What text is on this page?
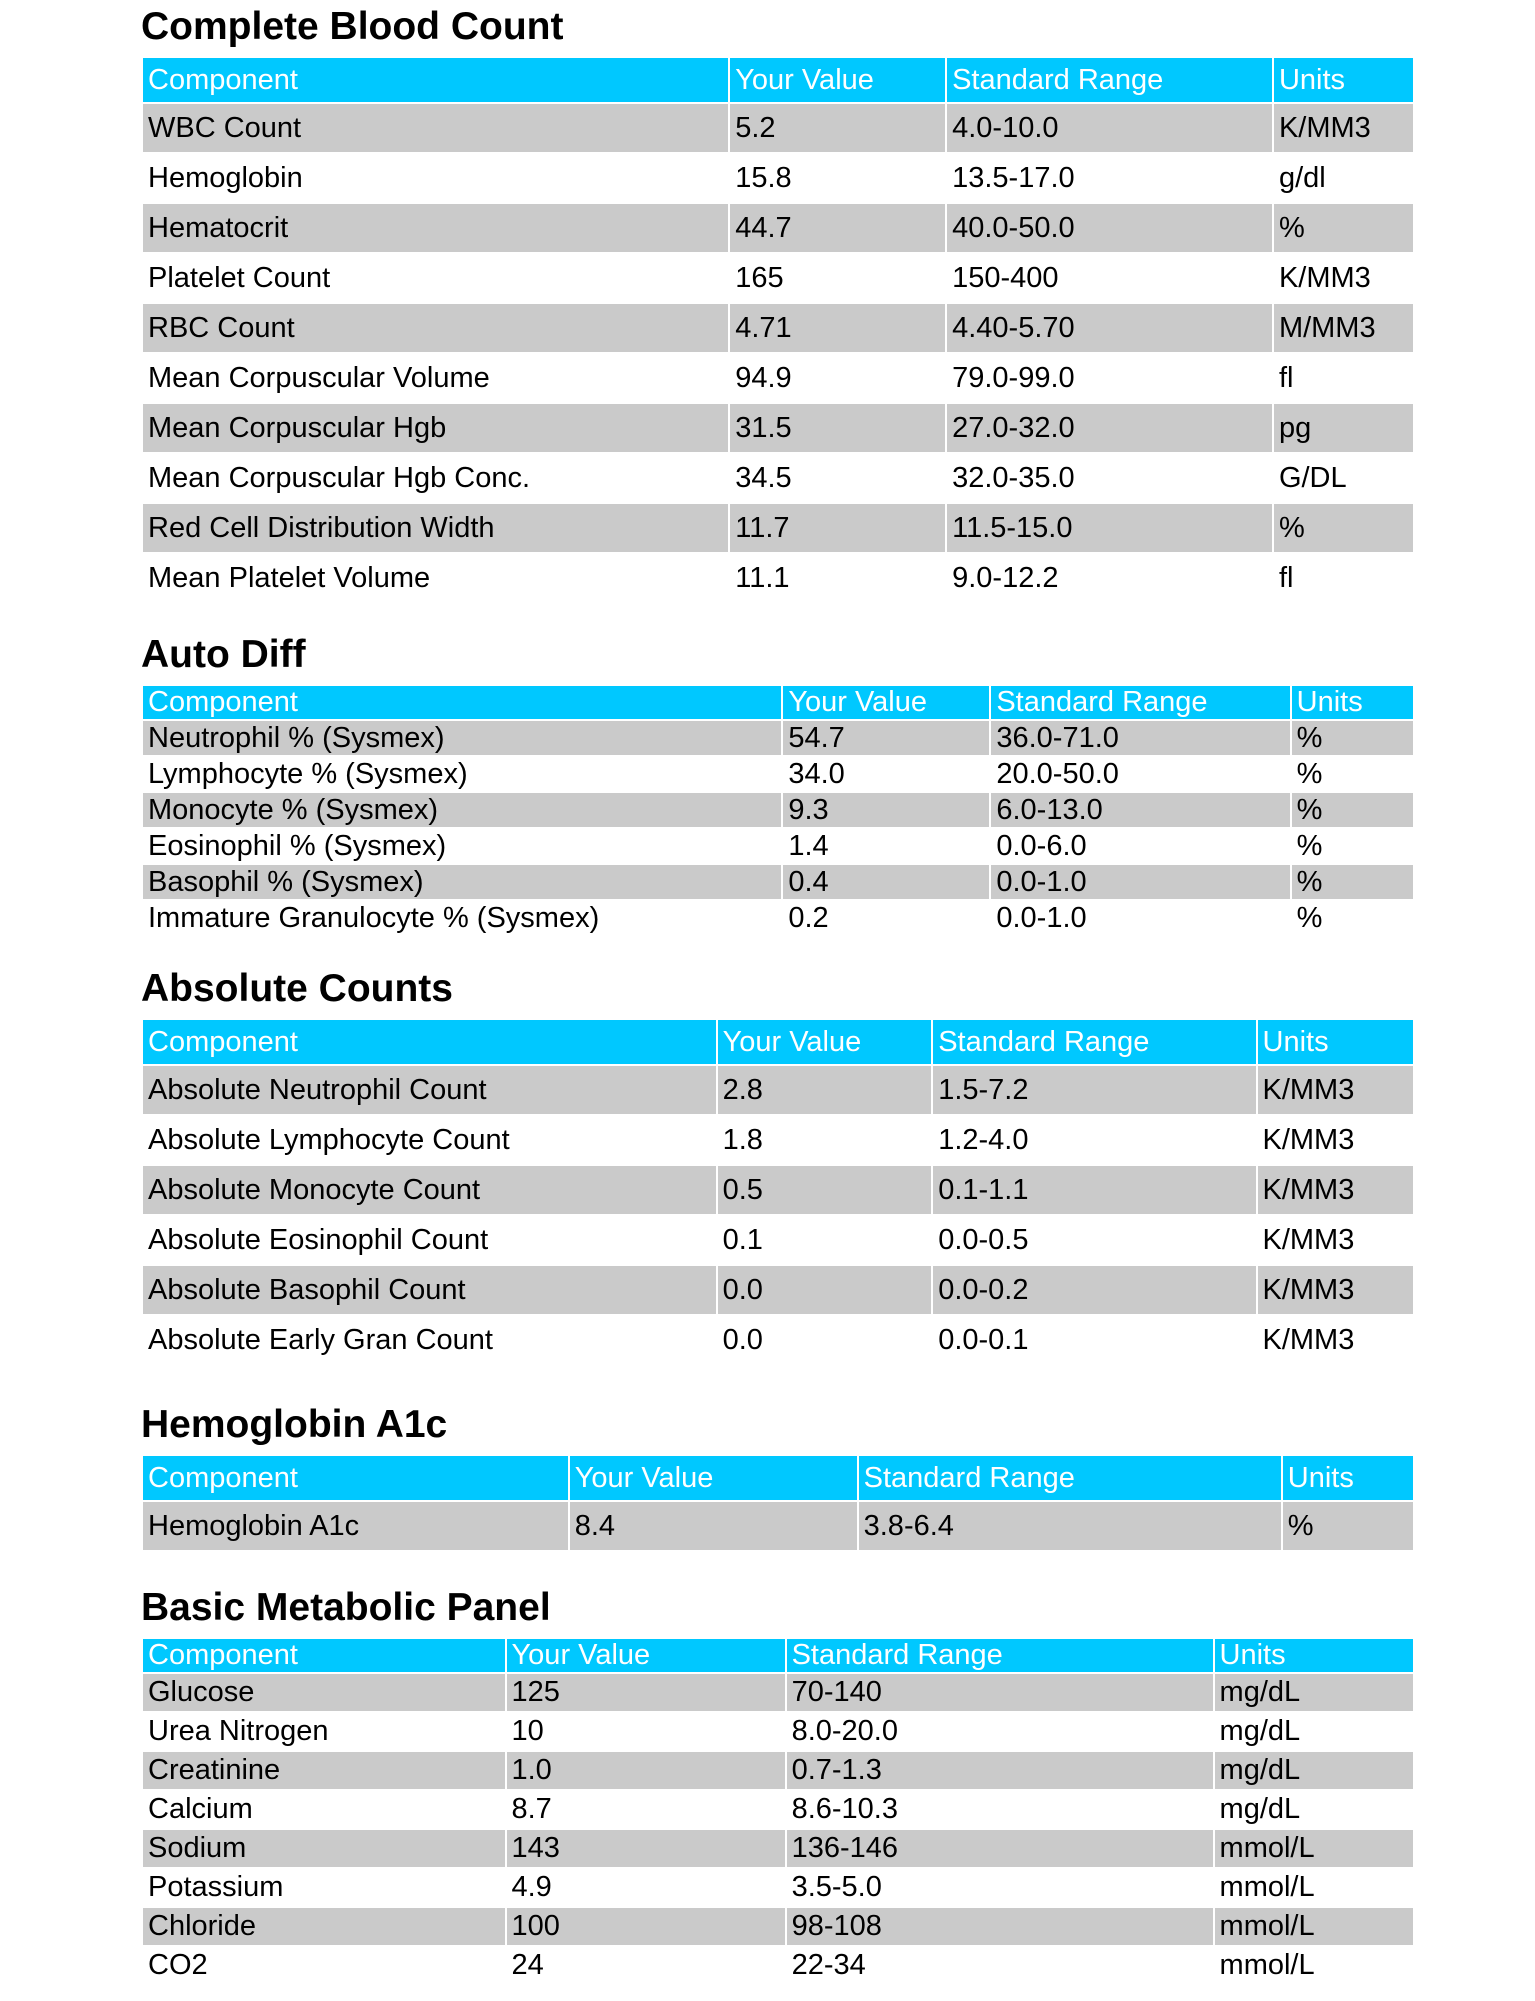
Complete Blood Count
Component	Your Value	Standard Range	Units
WBC Count	5.2	4.0-10.0	K/MM3
Hemoglobin	15.8	13.5-17.0	g/dl
Hematocrit	44.7	40.0-50.0	%
Platelet Count	165	150-400	K/MM3
RBC Count	4.71	4.40-5.70	M/MM3
Mean Corpuscular Volume	94.9	79.0-99.0	fl
Mean Corpuscular Hgb	31.5	27.0-32.0	pg
Mean Corpuscular Hgb Conc.	34.5	32.0-35.0	G/DL
Red Cell Distribution Width	11.7	11.5-15.0	%
Mean Platelet Volume	11.1	9.0-12.2	fl
Auto Diff
Component	Your Value	Standard Range	Units
Neutrophil % (Sysmex)	54.7	36.0-71.0	%
Lymphocyte % (Sysmex)	34.0	20.0-50.0	%
Monocyte % (Sysmex)	9.3	6.0-13.0	%
Eosinophil % (Sysmex)	1.4	0.0-6.0	%
Basophil % (Sysmex)	0.4	0.0-1.0	%
Immature Granulocyte % (Sysmex)	0.2	0.0-1.0	%
Absolute Counts
Component	Your Value	Standard Range	Units
Absolute Neutrophil Count	2.8	1.5-7.2	K/MM3
Absolute Lymphocyte Count	1.8	1.2-4.0	K/MM3
Absolute Monocyte Count	0.5	0.1-1.1	K/MM3
Absolute Eosinophil Count	0.1	0.0-0.5	K/MM3
Absolute Basophil Count	0.0	0.0-0.2	K/MM3
Absolute Early Gran Count	0.0	0.0-0.1	K/MM3
Hemoglobin A1c
Component	Your Value	Standard Range	Units
Hemoglobin A1c	8.4	3.8-6.4	%
Basic Metabolic Panel
Component	Your Value	Standard Range	Units
Glucose	125	70-140	mg/dL
Urea Nitrogen	10	8.0-20.0	mg/dL
Creatinine	1.0	0.7-1.3	mg/dL
Calcium	8.7	8.6-10.3	mg/dL
Sodium	143	136-146	mmol/L
Potassium	4.9	3.5-5.0	mmol/L
Chloride	100	98-108	mmol/L
CO2	24	22-34	mmol/L
